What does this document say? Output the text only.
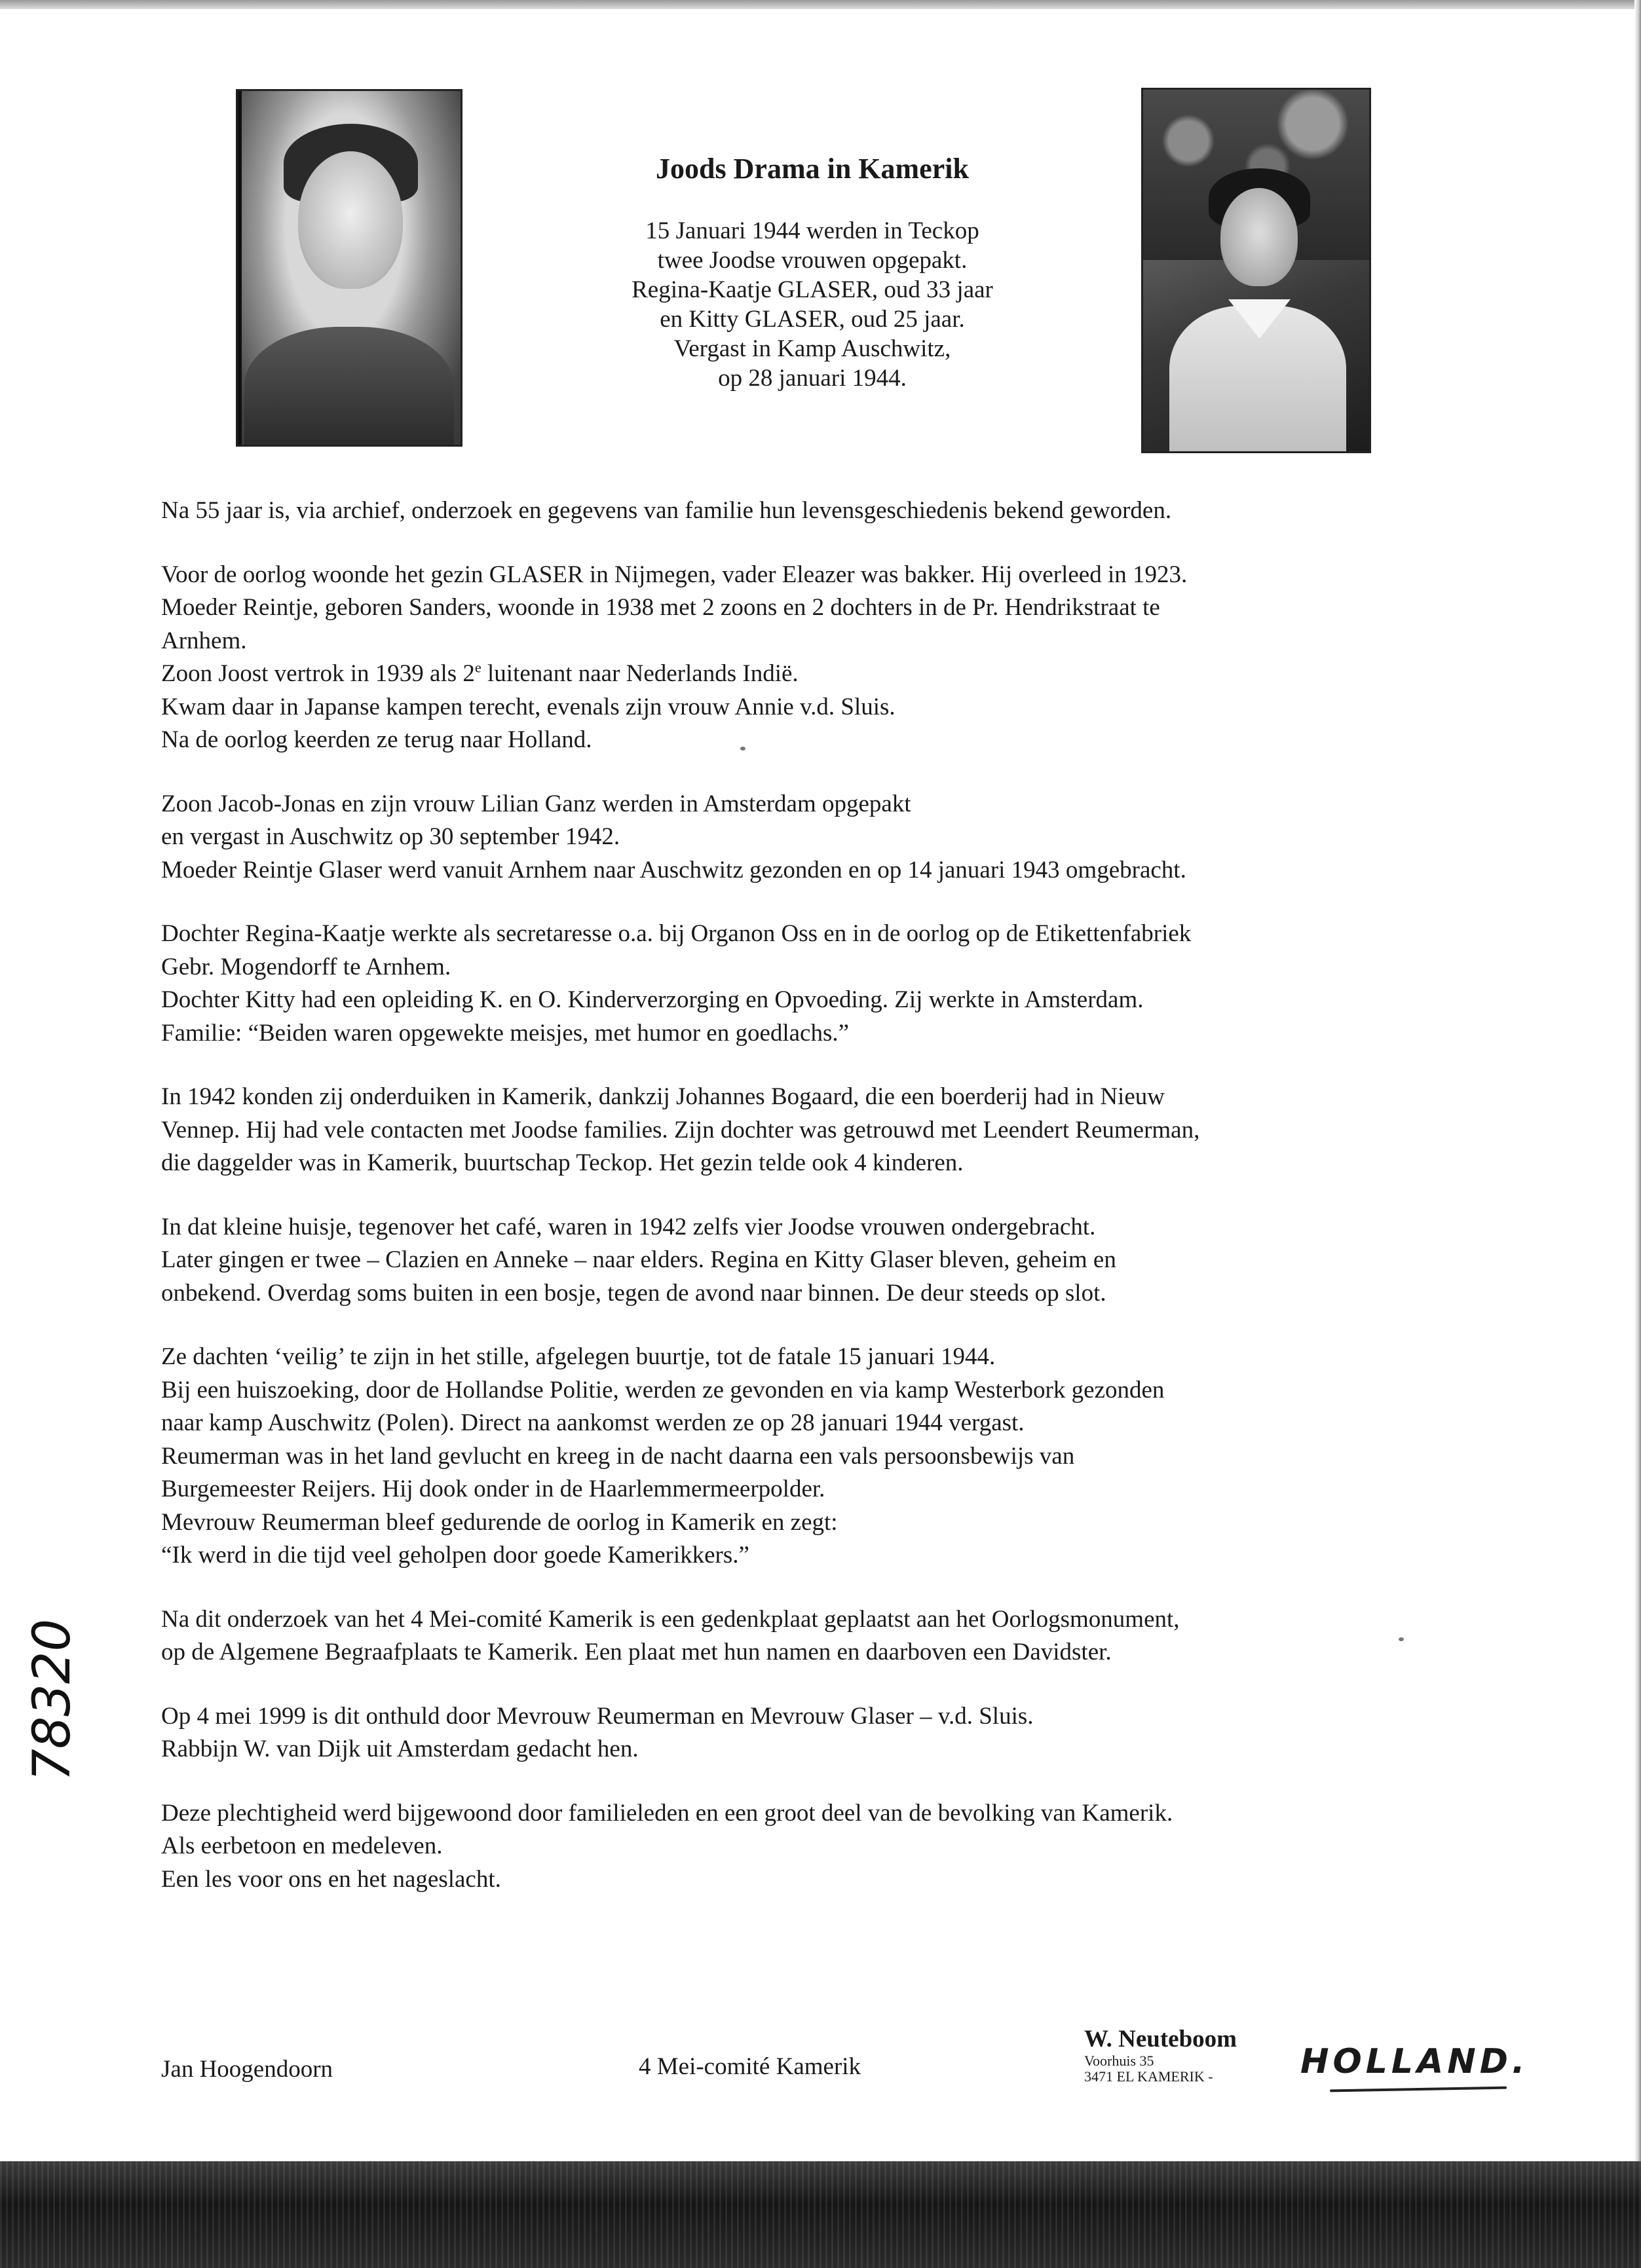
Joods Drama in Kamerik
15 Januari 1944 werden in Teckop
twee Joodse vrouwen opgepakt.
Regina-Kaatje GLASER, oud 33 jaar
en Kitty GLASER, oud 25 jaar.
Vergast in Kamp Auschwitz,
op 28 januari 1944.

Na 55 jaar is, via archief, onderzoek en gegevens van familie hun levensgeschiedenis bekend geworden.

Voor de oorlog woonde het gezin GLASER in Nijmegen, vader Eleazer was bakker. Hij overleed in 1923.
Moeder Reintje, geboren Sanders, woonde in 1938 met 2 zoons en 2 dochters in de Pr. Hendrikstraat te
Arnhem.
Zoon Joost vertrok in 1939 als 2e luitenant naar Nederlands Indië.
Kwam daar in Japanse kampen terecht, evenals zijn vrouw Annie v.d. Sluis.
Na de oorlog keerden ze terug naar Holland.

Zoon Jacob-Jonas en zijn vrouw Lilian Ganz werden in Amsterdam opgepakt
en vergast in Auschwitz op 30 september 1942.
Moeder Reintje Glaser werd vanuit Arnhem naar Auschwitz gezonden en op 14 januari 1943 omgebracht.

Dochter Regina-Kaatje werkte als secretaresse o.a. bij Organon Oss en in de oorlog op de Etikettenfabriek
Gebr. Mogendorff te Arnhem.
Dochter Kitty had een opleiding K. en O. Kinderverzorging en Opvoeding. Zij werkte in Amsterdam.
Familie: “Beiden waren opgewekte meisjes, met humor en goedlachs.”

In 1942 konden zij onderduiken in Kamerik, dankzij Johannes Bogaard, die een boerderij had in Nieuw
Vennep. Hij had vele contacten met Joodse families. Zijn dochter was getrouwd met Leendert Reumerman,
die daggelder was in Kamerik, buurtschap Teckop. Het gezin telde ook 4 kinderen.

In dat kleine huisje, tegenover het café, waren in 1942 zelfs vier Joodse vrouwen ondergebracht.
Later gingen er twee – Clazien en Anneke – naar elders. Regina en Kitty Glaser bleven, geheim en
onbekend. Overdag soms buiten in een bosje, tegen de avond naar binnen. De deur steeds op slot.

Ze dachten ‘veilig’ te zijn in het stille, afgelegen buurtje, tot de fatale 15 januari 1944.
Bij een huiszoeking, door de Hollandse Politie, werden ze gevonden en via kamp Westerbork gezonden
naar kamp Auschwitz (Polen). Direct na aankomst werden ze op 28 januari 1944 vergast.
Reumerman was in het land gevlucht en kreeg in de nacht daarna een vals persoonsbewijs van
Burgemeester Reijers. Hij dook onder in de Haarlemmermeerpolder.
Mevrouw Reumerman bleef gedurende de oorlog in Kamerik en zegt:
“Ik werd in die tijd veel geholpen door goede Kamerikkers.”

Na dit onderzoek van het 4 Mei-comité Kamerik is een gedenkplaat geplaatst aan het Oorlogsmonument,
op de Algemene Begraafplaats te Kamerik. Een plaat met hun namen en daarboven een Davidster.

Op 4 mei 1999 is dit onthuld door Mevrouw Reumerman en Mevrouw Glaser – v.d. Sluis.
Rabbijn W. van Dijk uit Amsterdam gedacht hen.

Deze plechtigheid werd bijgewoond door familieleden en een groot deel van de bevolking van Kamerik.
Als eerbetoon en medeleven.
Een les voor ons en het nageslacht.

Jan Hoogendoorn	4 Mei-comité Kamerik
W. Neuteboom
Voorhuis 35
3471 EL KAMERIK -	HOLLAND.
78320
